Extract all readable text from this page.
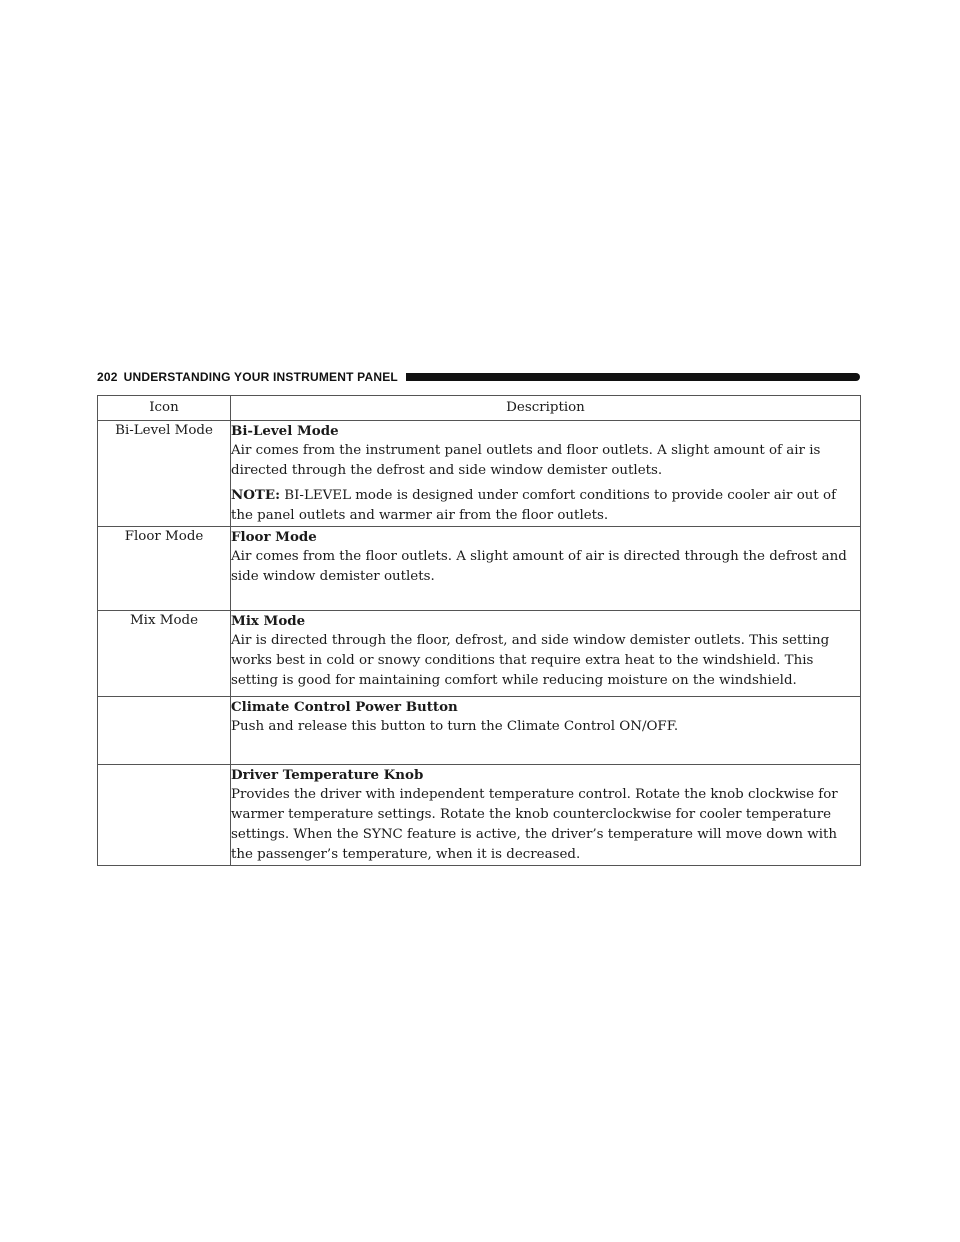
202 UNDERSTANDING YOUR INSTRUMENT PANEL
Icon	Description
Bi-Level Mode	Bi-Level Mode
Air comes from the instrument panel outlets and floor outlets. A slight amount of air is directed through the defrost and side window demister outlets.
NOTE: BI-LEVEL mode is designed under comfort conditions to provide cooler air out of the panel outlets and warmer air from the floor outlets.

Floor Mode	Floor Mode
Air comes from the floor outlets. A slight amount of air is directed through the defrost and side window demister outlets.

Mix Mode	Mix Mode
Air is directed through the floor, defrost, and side window demister outlets. This setting works best in cold or snowy conditions that require extra heat to the windshield. This setting is good for maintaining comfort while reducing moisture on the windshield.

	Climate Control Power Button
Push and release this button to turn the Climate Control ON/OFF.

	Driver Temperature Knob
Provides the driver with independent temperature control. Rotate the knob clockwise for warmer temperature settings. Rotate the knob counterclockwise for cooler temperature settings. When the SYNC feature is active, the driver’s temperature will move down with the passenger’s temperature, when it is decreased.
